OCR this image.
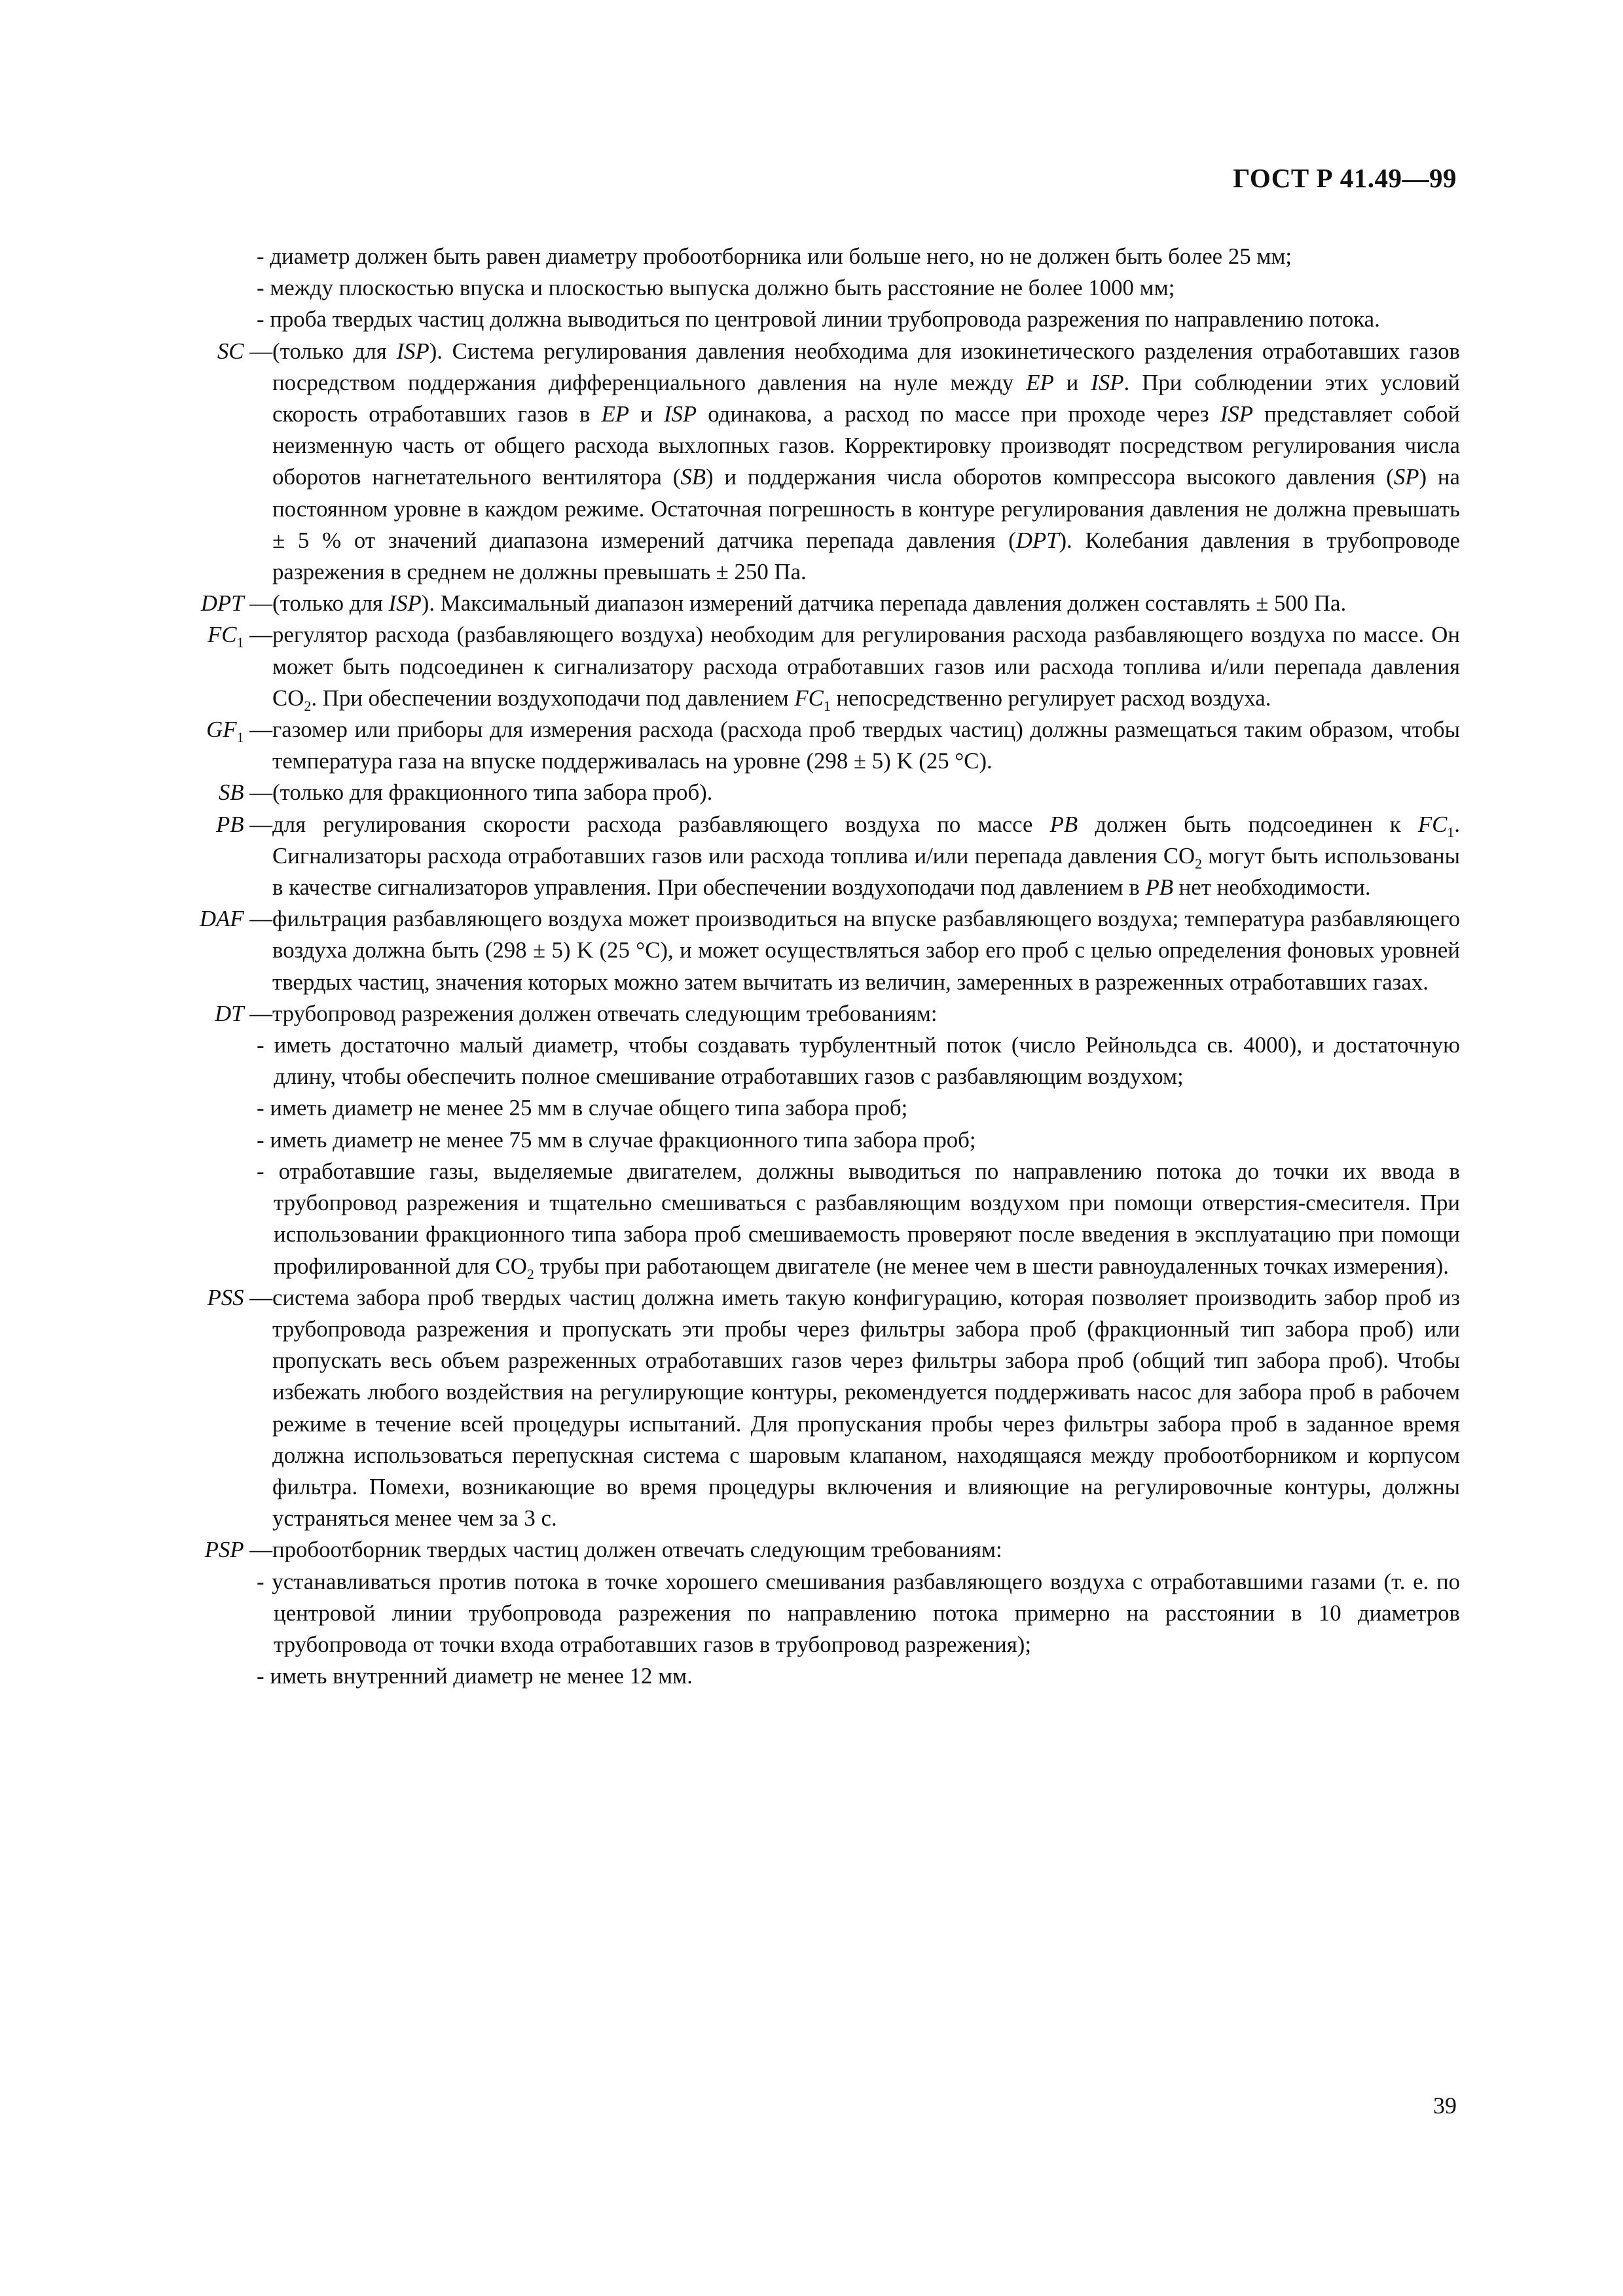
ГОСТ Р 41.49—99

- диаметр должен быть равен диаметру пробоотборника или больше него, но не должен быть более 25 мм;

- между плоскостью впуска и плоскостью выпуска должно быть расстояние не более 1000 мм;

- проба твердых частиц должна выводиться по центровой линии трубопровода разрежения по направлению потока.

SC — (только для ISP). Система регулирования давления необходима для изокинетического разделения отработавших газов посредством поддержания дифференциального давления на нуле между EP и ISP. При соблюдении этих условий скорость отработавших газов в EP и ISP одинакова, а расход по массе при проходе через ISP представляет собой неизменную часть от общего расхода выхлопных газов. Корректировку производят посредством регулирования числа оборотов нагнетательного вентилятора (SB) и поддержания числа оборотов компрессора высокого давления (SP) на постоянном уровне в каждом режиме. Остаточная погрешность в контуре регулирования давления не должна превышать ± 5 % от значений диапазона измерений датчика перепада давления (DPT). Колебания давления в трубопроводе разрежения в среднем не должны превышать ± 250 Па.

DPT — (только для ISP). Максимальный диапазон измерений датчика перепада давления должен составлять ± 500 Па.

$FC_1$ — регулятор расхода (разбавляющего воздуха) необходим для регулирования расхода разбавляющего воздуха по массе. Он может быть подсоединен к сигнализатору расхода отработавших газов или расхода топлива и/или перепада давления $CO_2$. При обеспечении воздухоподачи под давлением $FC_1$ непосредственно регулирует расход воздуха.

$GF_1$ — газомер или приборы для измерения расхода (расхода проб твердых частиц) должны размещаться таким образом, чтобы температура газа на впуске поддерживалась на уровне (298 ± 5) K (25 °C).

SB — (только для фракционного типа забора проб).

PB — для регулирования скорости расхода разбавляющего воздуха по массе PB должен быть подсоединен к $FC_1$. Сигнализаторы расхода отработавших газов или расхода топлива и/или перепада давления $CO_2$ могут быть использованы в качестве сигнализаторов управления. При обеспечении воздухоподачи под давлением в PB нет необходимости.

DAF — фильтрация разбавляющего воздуха может производиться на впуске разбавляющего воздуха; температура разбавляющего воздуха должна быть (298 ± 5) K (25 °C), и может осуществляться забор его проб с целью определения фоновых уровней твердых частиц, значения которых можно затем вычитать из величин, замеренных в разреженных отработавших газах.

DT — трубопровод разрежения должен отвечать следующим требованиям:

- иметь достаточно малый диаметр, чтобы создавать турбулентный поток (число Рейнольдса св. 4000), и достаточную длину, чтобы обеспечить полное смешивание отработавших газов с разбавляющим воздухом;

- иметь диаметр не менее 25 мм в случае общего типа забора проб;

- иметь диаметр не менее 75 мм в случае фракционного типа забора проб;

- отработавшие газы, выделяемые двигателем, должны выводиться по направлению потока до точки их ввода в трубопровод разрежения и тщательно смешиваться с разбавляющим воздухом при помощи отверстия-смесителя. При использовании фракционного типа забора проб смешиваемость проверяют после введения в эксплуатацию при помощи профилированной для $CO_2$ трубы при работающем двигателе (не менее чем в шести равноудаленных точках измерения).

PSS — система забора проб твердых частиц должна иметь такую конфигурацию, которая позволяет производить забор проб из трубопровода разрежения и пропускать эти пробы через фильтры забора проб (фракционный тип забора проб) или пропускать весь объем разреженных отработавших газов через фильтры забора проб (общий тип забора проб). Чтобы избежать любого воздействия на регулирующие контуры, рекомендуется поддерживать насос для забора проб в рабочем режиме в течение всей процедуры испытаний. Для пропускания пробы через фильтры забора проб в заданное время должна использоваться перепускная система с шаровым клапаном, находящаяся между пробоотборником и корпусом фильтра. Помехи, возникающие во время процедуры включения и влияющие на регулировочные контуры, должны устраняться менее чем за 3 с.

PSP — пробоотборник твердых частиц должен отвечать следующим требованиям:

- устанавливаться против потока в точке хорошего смешивания разбавляющего воздуха с отработавшими газами (т. е. по центровой линии трубопровода разрежения по направлению потока примерно на расстоянии в 10 диаметров трубопровода от точки входа отработавших газов в трубопровод разрежения);

- иметь внутренний диаметр не менее 12 мм.

39
